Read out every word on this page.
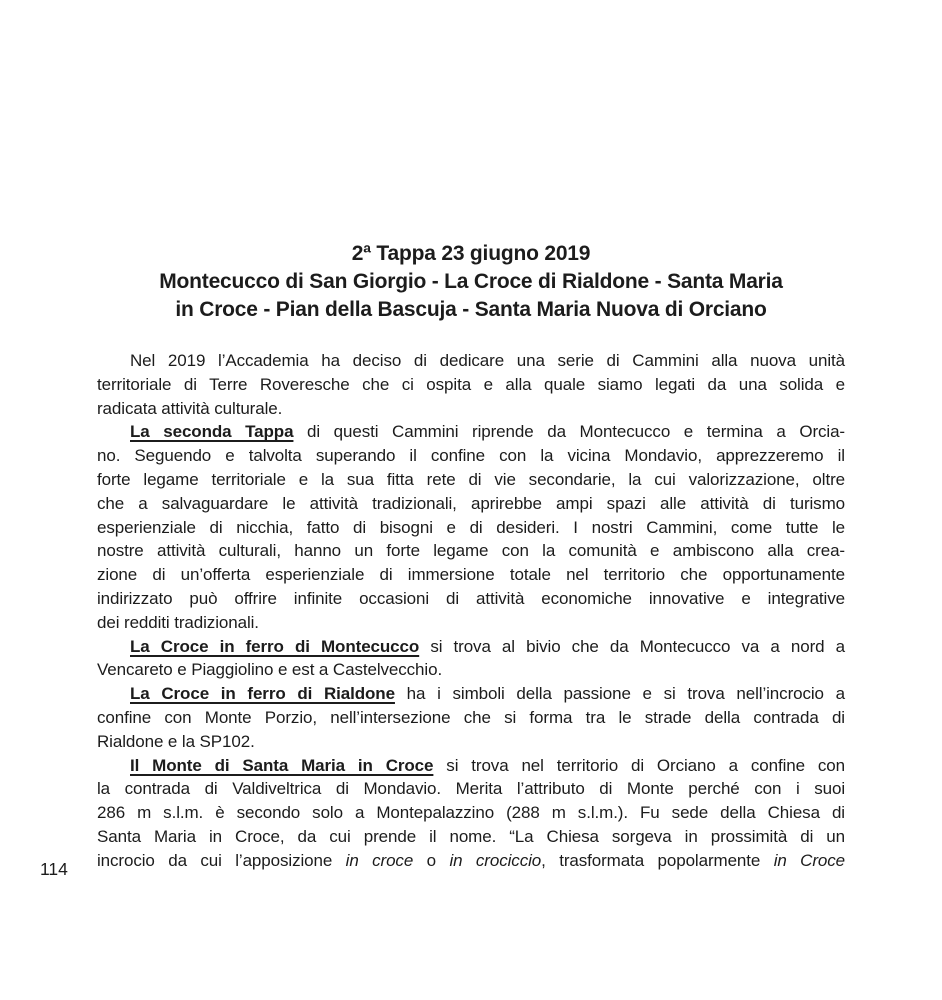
2ª Tappa 23 giugno 2019
Montecucco di San Giorgio - La Croce di Rialdone - Santa Maria
in Croce - Pian della Bascuja - Santa Maria Nuova di Orciano
Nel 2019 l’Accademia ha deciso di dedicare una serie di Cammini alla nuova unità
territoriale di Terre Roveresche che ci ospita e alla quale siamo legati da una solida e
radicata attività culturale.
La seconda Tappa di questi Cammini riprende da Montecucco e termina a Orcia-
no. Seguendo e talvolta superando il confine con la vicina Mondavio, apprezzeremo il
forte legame territoriale e la sua fitta rete di vie secondarie, la cui valorizzazione, oltre
che a salvaguardare le attività tradizionali, aprirebbe ampi spazi alle attività di turismo
esperienziale di nicchia, fatto di bisogni e di desideri. I nostri Cammini, come tutte le
nostre attività culturali, hanno un forte legame con la comunità e ambiscono alla crea-
zione di un’offerta esperienziale di immersione totale nel territorio che opportunamente
indirizzato può offrire infinite occasioni di attività economiche innovative e integrative
dei redditi tradizionali.
La Croce in ferro di Montecucco si trova al bivio che da Montecucco va a nord a
Vencareto e Piaggiolino e est a Castelvecchio.
La Croce in ferro di Rialdone ha i simboli della passione e si trova nell’incrocio a
confine con Monte Porzio, nell’intersezione che si forma tra le strade della contrada di
Rialdone e la SP102.
Il Monte di Santa Maria in Croce si trova nel territorio di Orciano a confine con
la contrada di Valdiveltrica di Mondavio. Merita l’attributo di Monte perché con i suoi
286 m s.l.m. è secondo solo a Montepalazzino (288 m s.l.m.). Fu sede della Chiesa di
Santa Maria in Croce, da cui prende il nome. “La Chiesa sorgeva in prossimità di un
incrocio da cui l’apposizione in croce o in crociccio, trasformata popolarmente in Croce
114
